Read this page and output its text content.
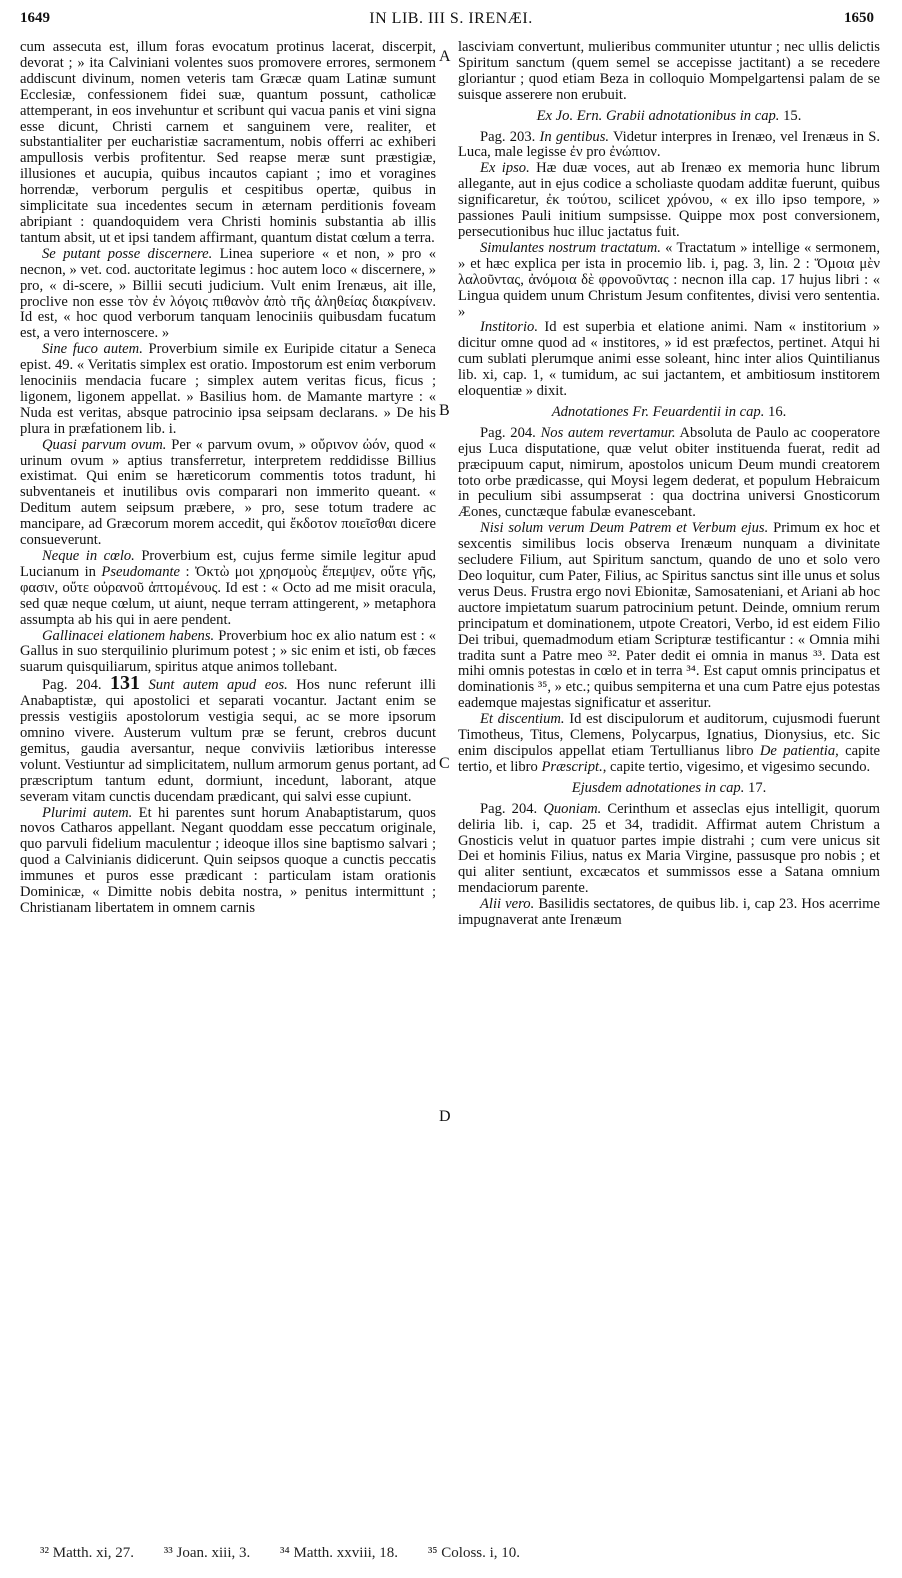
1649	IN LIB. III S. IRENÆI.	1650
A
B
C
D

cum assecuta est, illum foras evocatum protinus lacerat, discerpit, devorat ; » ita Calviniani volentes suos promovere errores, sermonem addiscunt divinum, nomen veteris tam Græcæ quam Latinæ sumunt Ecclesiæ, confessionem fidei suæ, quantum possunt, catholicæ attemperant, in eos invehuntur et scribunt qui vacua panis et vini signa esse dicunt, Christi carnem et sanguinem vere, realiter, et substantialiter per eucharistiæ sacramentum, nobis offerri ac exhiberi ampullosis verbis profitentur. Sed reapse meræ sunt præstigiæ, illusiones et aucupia, quibus incautos capiant ; imo et voragines horrendæ, verborum pergulis et cespitibus opertæ, quibus in simplicitate sua incedentes secum in æternam perditionis foveam abripiant : quandoquidem vera Christi hominis substantia ab illis tantum absit, ut et ipsi tandem affirmant, quantum distat cœlum a terra.

Se putant posse discernere. Linea superiore « et non, » pro « necnon, » vet. cod. auctoritate legimus : hoc autem loco « discernere, » pro, « di-scere, » Billii secuti judicium. Vult enim Irenæus, ait ille, proclive non esse τὸν ἐν λόγοις πιθανὸν ἀπὸ τῆς ἀληθείας διακρίνειν. Id est, « hoc quod verborum tanquam lenociniis quibusdam fucatum est, a vero internoscere. »

Sine fuco autem. Proverbium simile ex Euripide citatur a Seneca epist. 49. « Veritatis simplex est oratio. Impostorum est enim verborum lenociniis mendacia fucare ; simplex autem veritas ficus, ficus ; ligonem, ligonem appellat. » Basilius hom. de Mamante martyre : « Nuda est veritas, absque patrocinio ipsa seipsam declarans. » De his plura in præfationem lib. i.

Quasi parvum ovum. Per « parvum ovum, » οὔριvoν ὠόν, quod « urinum ovum » aptius transferretur, interpretem reddidisse Billius existimat. Qui enim se hæreticorum commentis totos tradunt, hi subventaneis et inutilibus ovis comparari non immerito queant. « Deditum autem seipsum præbere, » pro, sese totum tradere ac mancipare, ad Græcorum morem accedit, qui ἔκδοτον ποιεῖσθαι dicere consueverunt.

Neque in cœlo. Proverbium est, cujus ferme simile legitur apud Lucianum in Pseudomante : Ὀκτὼ μοι χρησμοὺς ἔπεμψεν, οὔτε γῆς, φασιν, οὔτε οὐρανοῦ ἀπτομένους. Id est : « Octo ad me misit oracula, sed quæ neque cœlum, ut aiunt, neque terram attingerent, » metaphora assumpta ab his qui in aere pendent.

Gallinacei elationem habens. Proverbium hoc ex alio natum est : « Gallus in suo sterquilinio plurimum potest ; » sic enim et isti, ob fæces suarum quisquiliarum, spiritus atque animos tollebant.

Pag. 204. 131 Sunt autem apud eos. Hos nunc referunt illi Anabaptistæ, qui apostolici et separati vocantur. Jactant enim se pressis vestigiis apostolorum vestigia sequi, ac se more ipsorum omnino vivere. Austerum vultum præ se ferunt, crebros ducunt gemitus, gaudia aversantur, neque conviviis lætioribus interesse volunt. Vestiuntur ad simplicitatem, nullum armorum genus portant, ad præscriptum tantum edunt, dormiunt, incedunt, laborant, atque severam vitam cunctis ducendam prædicant, qui salvi esse cupiunt.

Plurimi autem. Et hi parentes sunt horum Anabaptistarum, quos novos Catharos appellant. Negant quoddam esse peccatum originale, quo parvuli fidelium maculentur ; ideoque illos sine baptismo salvari ; quod a Calvinianis didicerunt. Quin seipsos quoque a cunctis peccatis immunes et puros esse prædicant : particulam istam orationis Dominicæ, « Dimitte nobis debita nostra, » penitus intermittunt ; Christianam libertatem in omnem carnis

lasciviam convertunt, mulieribus communiter utuntur ; nec ullis delictis Spiritum sanctum (quem semel se accepisse jactitant) a se recedere gloriantur ; quod etiam Beza in colloquio Mompelgartensi palam de se suisque asserere non erubuit.

Ex Jo. Ern. Grabii adnotationibus in cap. 15.

Pag. 203. In gentibus. Videtur interpres in Irenæo, vel Irenæus in S. Luca, male legisse ἐν pro ἐνώπιον.

Ex ipso. Hæ duæ voces, aut ab Irenæo ex memoria hunc librum allegante, aut in ejus codice a scholiaste quodam additæ fuerunt, quibus significaretur, ἐκ τούτου, scilicet χρόνου, « ex illo ipso tempore, » passiones Pauli initium sumpsisse. Quippe mox post conversionem, persecutionibus huc illuc jactatus fuit.

Simulantes nostrum tractatum. « Tractatum » intellige « sermonem, » et hæc explica per ista in procemio lib. i, pag. 3, lin. 2 : Ὅμοια μὲν λαλοῦντας, ἀνόμοια δὲ φρονοῦντας : necnon illa cap. 17 hujus libri : « Lingua quidem unum Christum Jesum confitentes, divisi vero sententia. »

Institorio. Id est superbia et elatione animi. Nam « institorium » dicitur omne quod ad « institores, » id est præfectos, pertinet. Atqui hi cum sublati plerumque animi esse soleant, hinc inter alios Quintilianus lib. xi, cap. 1, « tumidum, ac sui jactantem, et ambitiosum institorem eloquentiæ » dixit.

Adnotationes Fr. Feuardentii in cap. 16.

Pag. 204. Nos autem revertamur. Absoluta de Paulo ac cooperatore ejus Luca disputatione, quæ velut obiter instituenda fuerat, redit ad præcipuum caput, nimirum, apostolos unicum Deum mundi creatorem toto orbe prædicasse, qui Moysi legem dederat, et populum Hebraicum in peculium sibi assumpserat : qua doctrina universi Gnosticorum Æones, cunctæque fabulæ evanescebant.

Nisi solum verum Deum Patrem et Verbum ejus. Primum ex hoc et sexcentis similibus locis observa Irenæum nunquam a divinitate secludere Filium, aut Spiritum sanctum, quando de uno et solo vero Deo loquitur, cum Pater, Filius, ac Spiritus sanctus sint ille unus et solus verus Deus. Frustra ergo novi Ebionitæ, Samosateniani, et Ariani ab hoc auctore impietatum suarum patrocinium petunt. Deinde, omnium rerum principatum et dominationem, utpote Creatori, Verbo, id est eidem Filio Dei tribui, quemadmodum etiam Scripturæ testificantur : « Omnia mihi tradita sunt a Patre meo ³². Pater dedit ei omnia in manus ³³. Data est mihi omnis potestas in cœlo et in terra ³⁴. Est caput omnis principatus et dominationis ³⁵, » etc.; quibus sempiterna et una cum Patre ejus potestas eademque majestas significatur et asseritur.

Et discentium. Id est discipulorum et auditorum, cujusmodi fuerunt Timotheus, Titus, Clemens, Polycarpus, Ignatius, Dionysius, etc. Sic enim discipulos appellat etiam Tertullianus libro De patientia, capite tertio, et libro Præscript., capite tertio, vigesimo, et vigesimo secundo.

Ejusdem adnotationes in cap. 17.

Pag. 204. Quoniam. Cerinthum et asseclas ejus intelligit, quorum deliria lib. i, cap. 25 et 34, tradidit. Affirmat autem Christum a Gnosticis velut in quatuor partes impie distrahi ; cum vere unicus sit Dei et hominis Filius, natus ex Maria Virgine, passusque pro nobis ; et qui aliter sentiunt, excæcatos et summissos esse a Satana omnium mendaciorum parente.

Alii vero. Basilidis sectatores, de quibus lib. i, cap 23. Hos acerrime impugnaverat ante Irenæum

³² Matth. xi, 27. ³³ Joan. xiii, 3. ³⁴ Matth. xxviii, 18. ³⁵ Coloss. i, 10.
